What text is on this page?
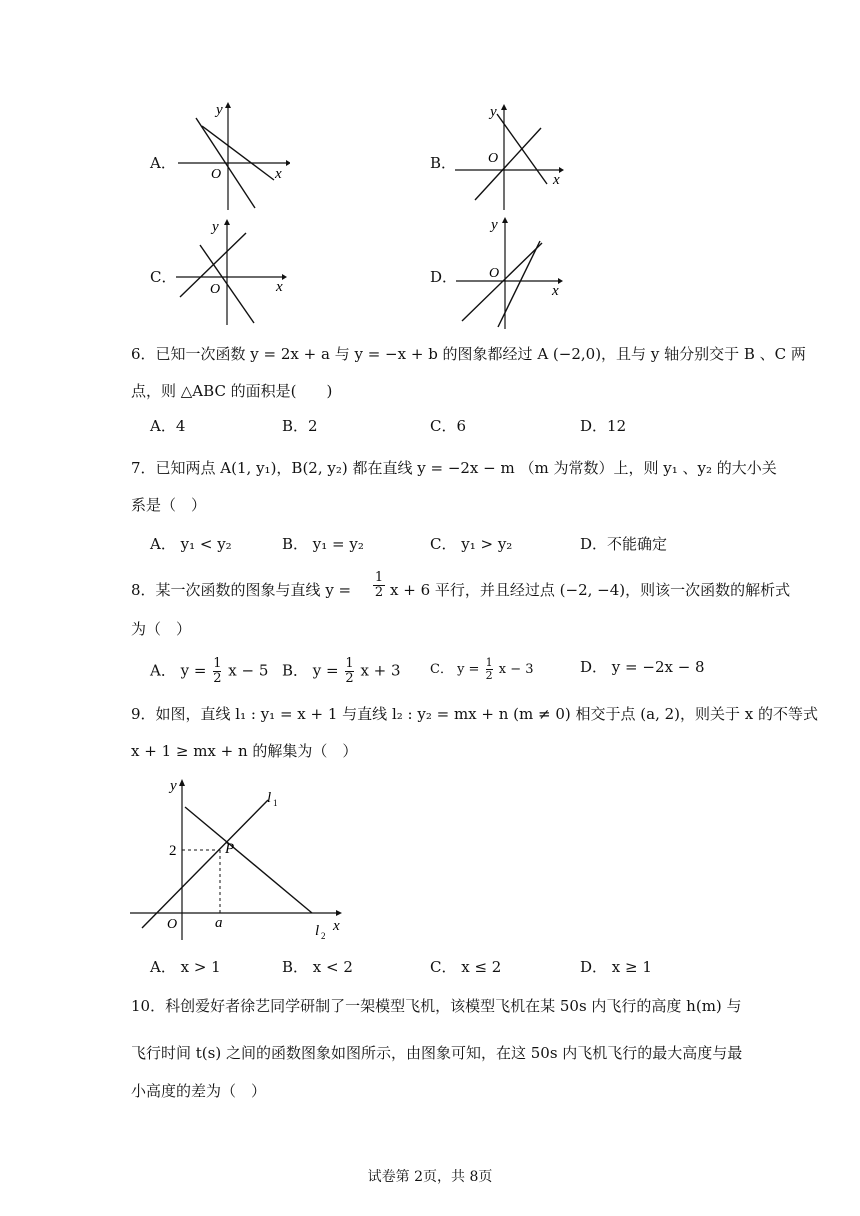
A．
y
x
O
B．
y
x
O
C．
y
x
O
D．
y
x
O
6．已知一次函数 y = 2x + a 与 y = −x + b 的图象都经过 A (−2,0)，且与 y 轴分别交于 B 、C 两
点，则 △ABC 的面积是(　　)
A．4	B．2	C．6	D．12
7．已知两点 A(1, y₁)，B(2, y₂) 都在直线 y = −2x − m （m 为常数）上，则 y₁ 、y₂ 的大小关
系是（　）
A． y₁ < y₂	B． y₁ = y₂	C． y₁ > y₂	D．不能确定
8．某一次函数的图象与直线 $y = \frac{1}{2}$ x + 6 平行，并且经过点 (−2, −4)，则该一次函数的解析式
为（　）
A． $y = \frac{1}{2}$ x − 5 B． $y = \frac{1}{2}$ x + 3 C． $y = \frac{1}{2}$ x − 3	D． y = −2x − 8
9．如图，直线 l₁ : y₁ = x + 1 与直线 l₂ : y₂ = mx + n (m ≠ 0) 相交于点 (a, 2)，则关于 x 的不等式
x + 1 ≥ mx + n 的解集为（　）
y
x
O
2	P
a
l 1
l 2
A． x > 1	B． x < 2	C． x ≤ 2	D． x ≥ 1
10．科创爱好者徐艺同学研制了一架模型飞机，该模型飞机在某 50s 内飞行的高度 h(m) 与
飞行时间 t(s) 之间的函数图象如图所示，由图象可知，在这 50s 内飞机飞行的最大高度与最
小高度的差为（　）
试卷第 2页，共 8页
